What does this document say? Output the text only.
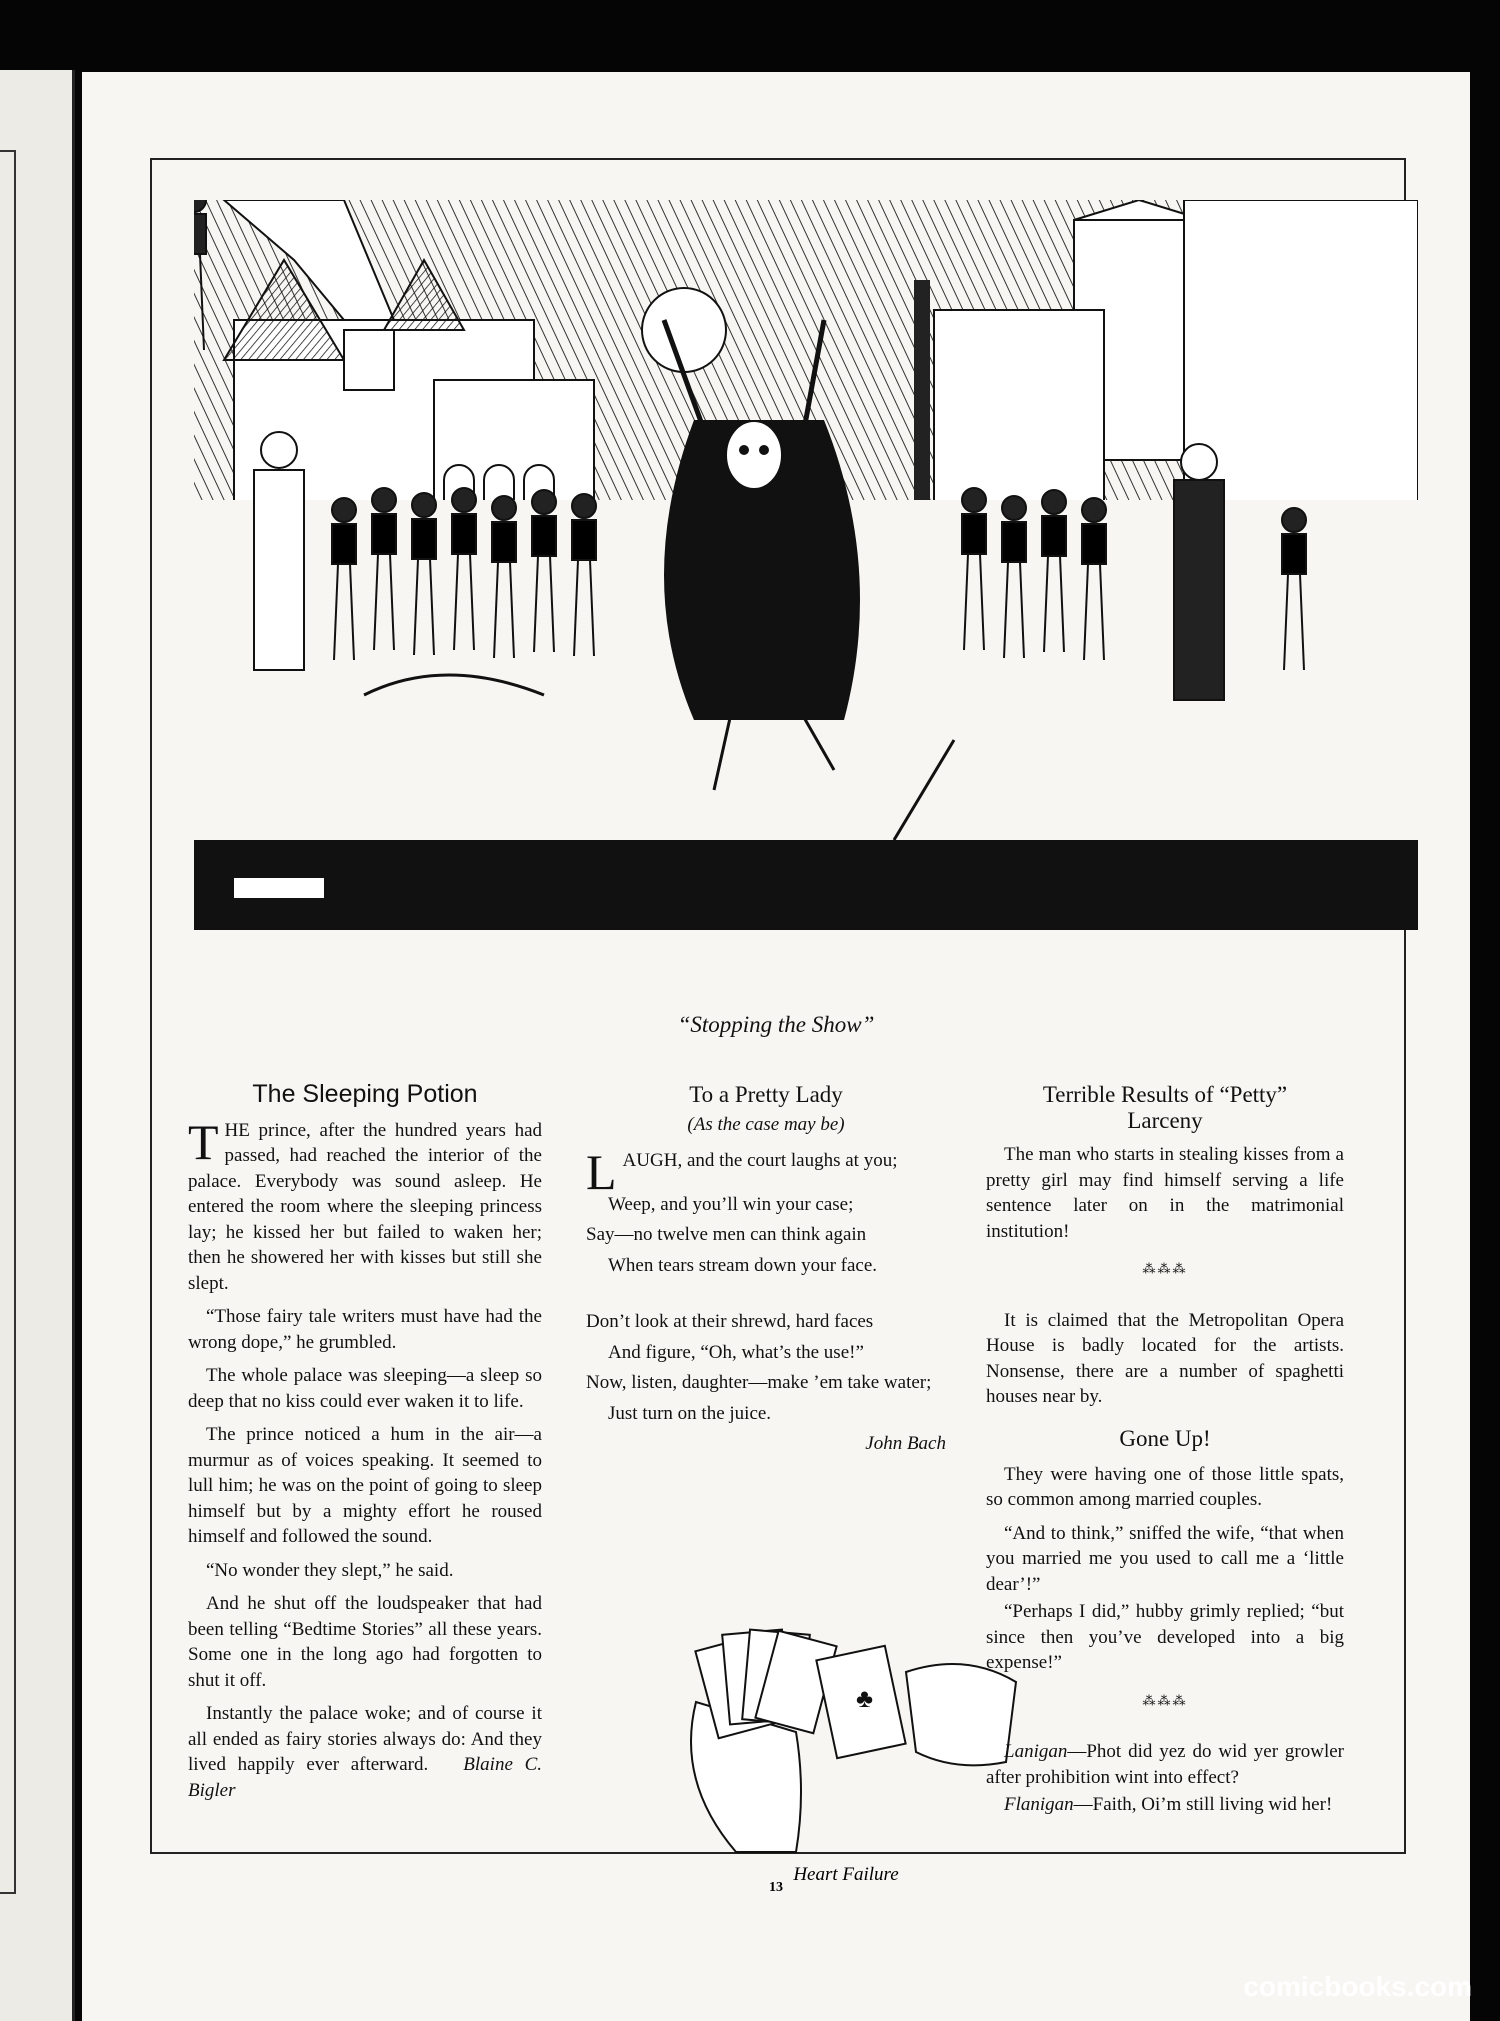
“Stopping the Show”
The Sleeping Potion

THE prince, after the hundred years had passed, had reached the interior of the palace. Everybody was sound asleep. He entered the room where the sleeping princess lay; he kissed her but failed to waken her; then he showered her with kisses but still she slept.

“Those fairy tale writers must have had the wrong dope,” he grumbled.

The whole palace was sleeping—a sleep so deep that no kiss could ever waken it to life.

The prince noticed a hum in the air—a murmur as of voices speaking. It seemed to lull him; he was on the point of going to sleep himself but by a mighty effort he roused himself and followed the sound.

“No wonder they slept,” he said.

And he shut off the loudspeaker that had been telling “Bedtime Stories” all these years. Some one in the long ago had forgotten to shut it off.

Instantly the palace woke; and of course it all ended as fairy stories always do: And they lived happily ever afterward. Blaine C. Bigler

To a Pretty Lady
(As the case may be)

LAUGH, and the court laughs at you;

Weep, and you’ll win your case;

Say—no twelve men can think again

When tears stream down your face.

Don’t look at their shrewd, hard faces

And figure, “Oh, what’s the use!”

Now, listen, daughter—make ’em take water;

Just turn on the juice.

John Bach
♣
Heart Failure
Terrible Results of “Petty”
Larceny

The man who starts in stealing kisses from a pretty girl may find himself serving a life sentence later on in the matrimonial institution!

⁂⁂⁂

It is claimed that the Metropolitan Opera House is badly located for the artists. Nonsense, there are a number of spaghetti houses near by.

Gone Up!

They were having one of those little spats, so common among married couples.

“And to think,” sniffed the wife, “that when you married me you used to call me a ‘little dear’!”

“Perhaps I did,” hubby grimly replied; “but since then you’ve developed into a big expense!”

⁂⁂⁂

Lanigan—Phot did yez do wid yer growler after prohibition wint into effect?

Flanigan—Faith, Oi’m still living wid her!

13
comicbooks.com
